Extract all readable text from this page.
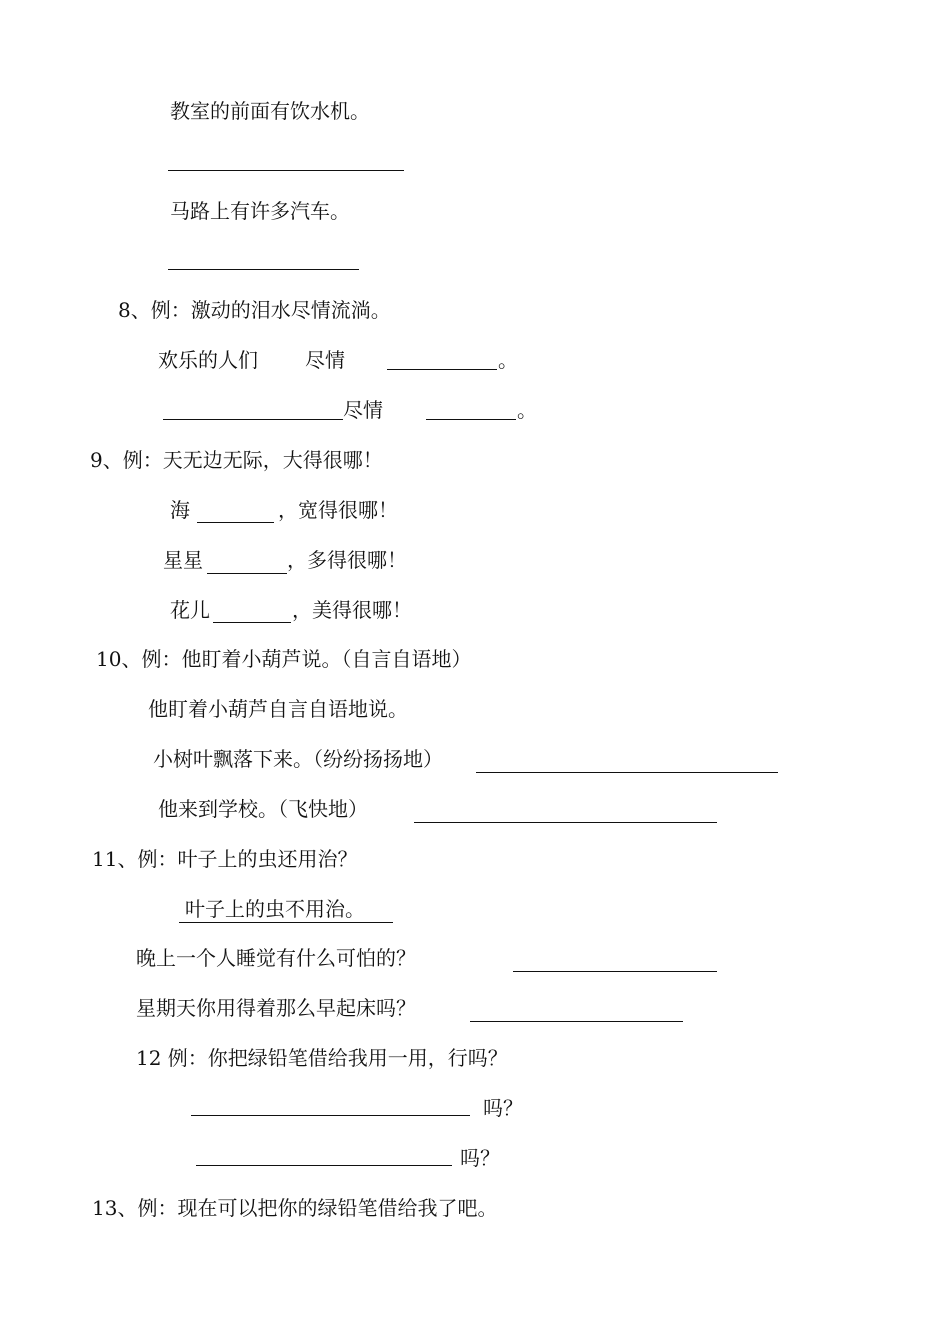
教室的前面有饮水机。
马路上有许多汽车。
8、例：激动的泪水尽情流淌。
欢乐的人们 尽情	。
尽情	。
9、例：天无边无际，大得很哪！
海	，宽得很哪！
星星	，多得很哪！
花儿	，美得很哪！
10、例：他盯着小葫芦说。（自言自语地）
他盯着小葫芦自言自语地说。
小树叶飘落下来。（纷纷扬扬地）
他来到学校。（飞快地）
11、例：叶子上的虫还用治？
叶子上的虫不用治。
晚上一个人睡觉有什么可怕的？
星期天你用得着那么早起床吗？
12 例：你把绿铅笔借给我用一用，行吗？
吗？
吗？
13、例：现在可以把你的绿铅笔借给我了吧。
